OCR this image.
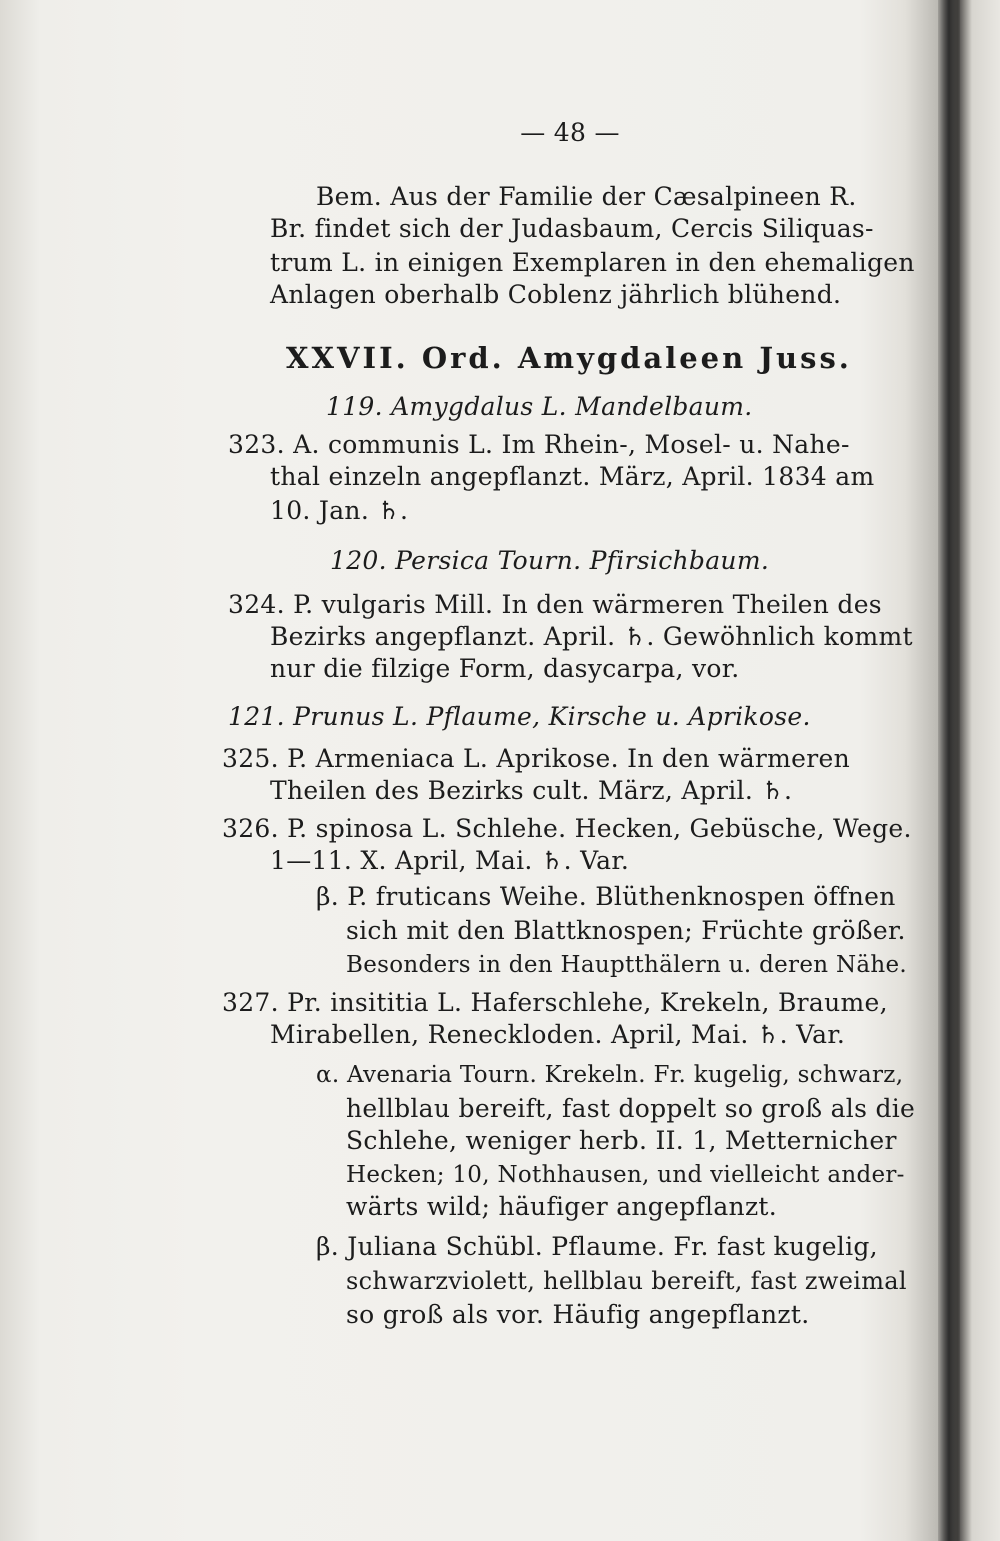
— 48 —
Bem. Aus der Familie der Cæsalpineen R.
Br. findet sich der Judasbaum, Cercis Siliquas-
trum L. in einigen Exemplaren in den ehemaligen
Anlagen oberhalb Coblenz jährlich blühend.
XXVII. Ord. Amygdaleen Juss.
119. Amygdalus L. Mandelbaum.
323. A. communis L. Im Rhein-, Mosel- u. Nahe-
thal einzeln angepflanzt. März, April. 1834 am
10. Jan. ♄.
120. Persica Tourn. Pfirsichbaum.
324. P. vulgaris Mill. In den wärmeren Theilen des
Bezirks angepflanzt. April. ♄. Gewöhnlich kommt
nur die filzige Form, dasycarpa, vor.
121. Prunus L. Pflaume, Kirsche u. Aprikose.
325. P. Armeniaca L. Aprikose. In den wärmeren
Theilen des Bezirks cult. März, April. ♄.
326. P. spinosa L. Schlehe. Hecken, Gebüsche, Wege.
1—11. X. April, Mai. ♄. Var.
β. P. fruticans Weihe. Blüthenknospen öffnen
sich mit den Blattknospen; Früchte größer.
Besonders in den Hauptthälern u. deren Nähe.
327. Pr. insititia L. Haferschlehe, Krekeln, Braume,
Mirabellen, Reneckloden. April, Mai. ♄. Var.
α. Avenaria Tourn. Krekeln. Fr. kugelig, schwarz,
hellblau bereift, fast doppelt so groß als die
Schlehe, weniger herb. II. 1, Metternicher
Hecken; 10, Nothhausen, und vielleicht ander-
wärts wild; häufiger angepflanzt.
β. Juliana Schübl. Pflaume. Fr. fast kugelig,
schwarzviolett, hellblau bereift, fast zweimal
so groß als vor. Häufig angepflanzt.
